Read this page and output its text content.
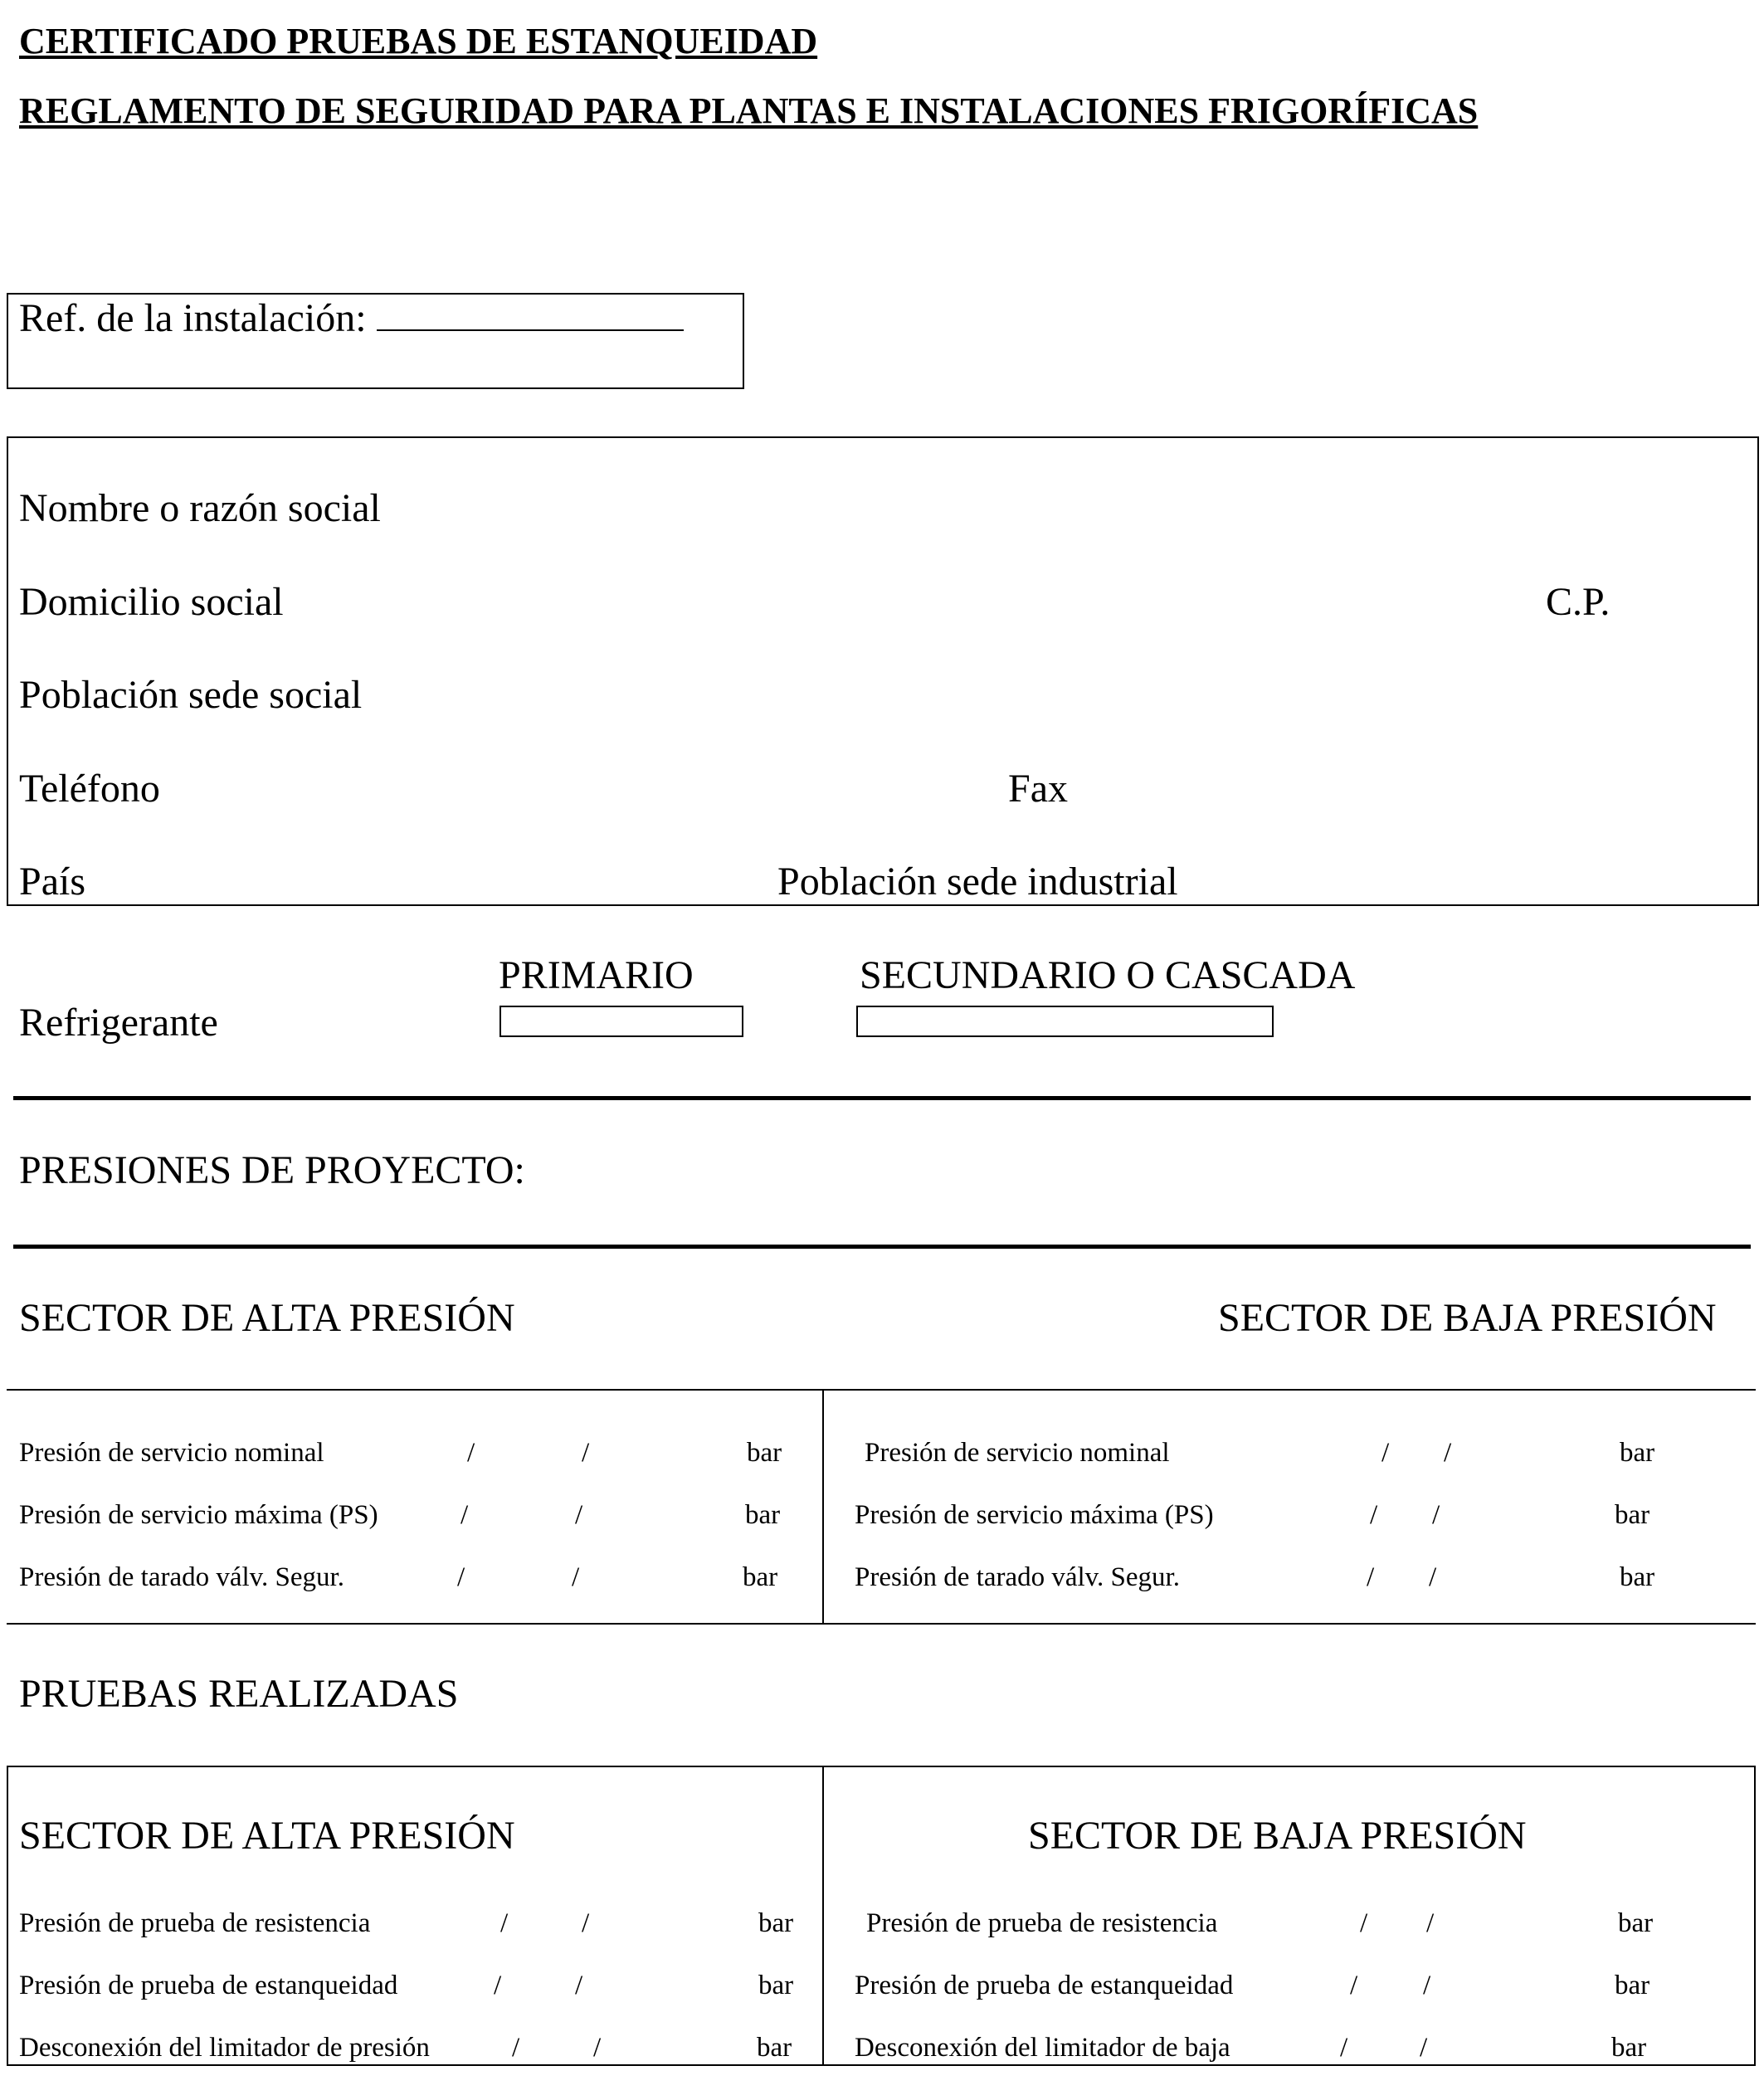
CERTIFICADO PRUEBAS DE ESTANQUEIDAD
REGLAMENTO DE SEGURIDAD PARA PLANTAS E INSTALACIONES FRIGORÍFICAS
Ref. de la instalación:
Nombre o razón social
Domicilio social	C.P.
Población sede social
Teléfono	Fax
País	Población sede industrial
PRIMARIO	SECUNDARIO O CASCADA
Refrigerante
PRESIONES DE PROYECTO:
SECTOR DE ALTA PRESIÓN	SECTOR DE BAJA PRESIÓN
Presión de servicio nominal	/	/	bar
Presión de servicio máxima (PS)	/	/	bar
Presión de tarado válv. Segur.	/	/	bar
Presión de servicio nominal	/ /	bar
Presión de servicio máxima (PS)	/ /	bar
Presión de tarado válv. Segur.	/ /	bar
PRUEBAS REALIZADAS
SECTOR DE ALTA PRESIÓN	SECTOR DE BAJA PRESIÓN
Presión de prueba de resistencia	/	/	bar
Presión de prueba de estanqueidad	/	/	bar
Desconexión del limitador de presión	/	/	bar
Presión de prueba de resistencia	/ /	bar
Presión de prueba de estanqueidad	/ /	bar
Desconexión del limitador de baja	/	/	bar
